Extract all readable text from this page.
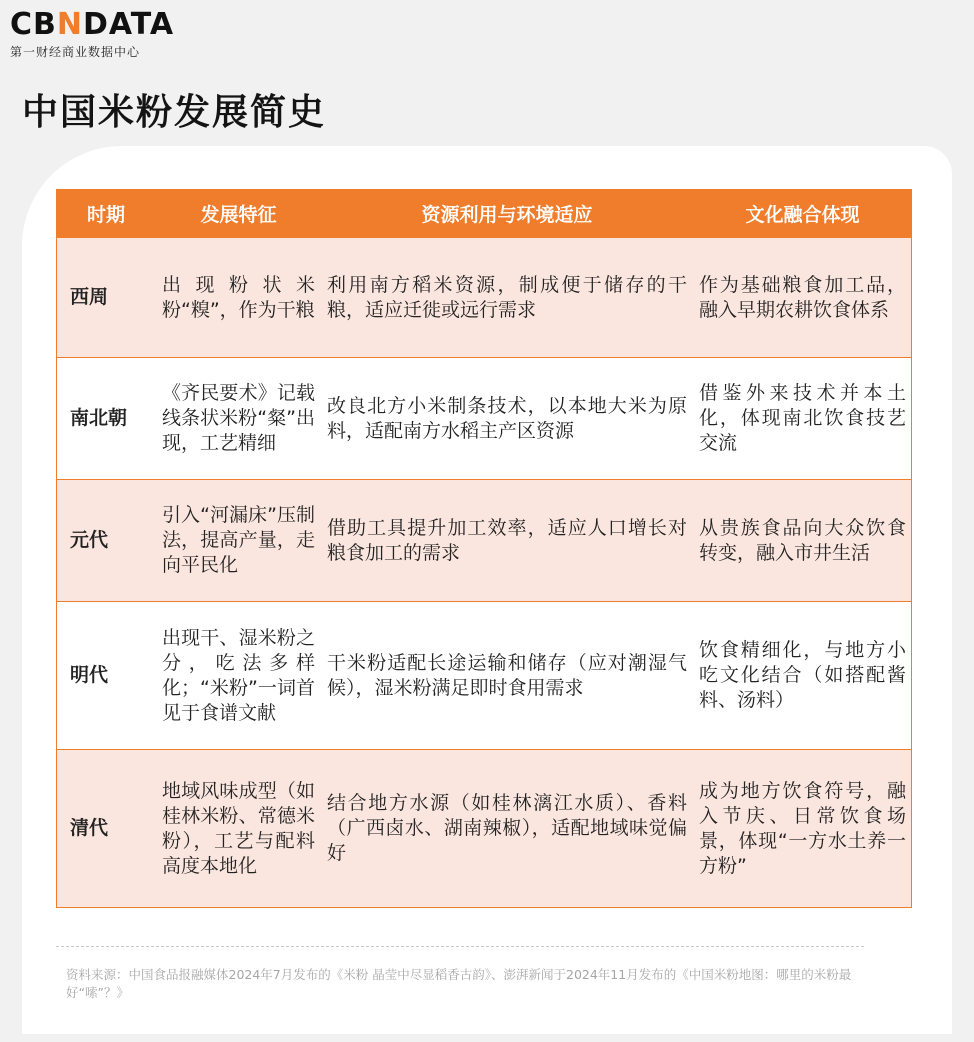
CBNDATA
第一财经商业数据中心
中国米粉发展简史
时期	发展特征	资源利用与环境适应	文化融合体现
西周	出现粉状米粉“糗”，作为干粮	利用南方稻米资源，制成便于储存的干粮，适应迁徙或远行需求	作为基础粮食加工品，融入早期农耕饮食体系
南北朝	《齐民要术》记载线条状米粉“粲”出现，工艺精细	改良北方小米制条技术，以本地大米为原料，适配南方水稻主产区资源	借鉴外来技术并本土化，体现南北饮食技艺交流
元代	引入“河漏床”压制法，提高产量，走向平民化	借助工具提升加工效率，适应人口增长对粮食加工的需求	从贵族食品向大众饮食转变，融入市井生活
明代	出现干、湿米粉之分，吃法多样化；“米粉”一词首见于食谱文献	干米粉适配长途运输和储存（应对潮湿气候），湿米粉满足即时食用需求	饮食精细化，与地方小吃文化结合（如搭配酱料、汤料）
清代	地域风味成型（如桂林米粉、常德米粉），工艺与配料高度本地化	结合地方水源（如桂林漓江水质）、香料（广西卤水、湖南辣椒），适配地域味觉偏好	成为地方饮食符号，融入节庆、日常饮食场景，体现“一方水土养一方粉”
资料来源：中国食品报融媒体2024年7月发布的《米粉 晶莹中尽显稻香古韵》、澎湃新闻于2024年11月发布的《中国米粉地图：哪里的米粉最好“嗦”？》
